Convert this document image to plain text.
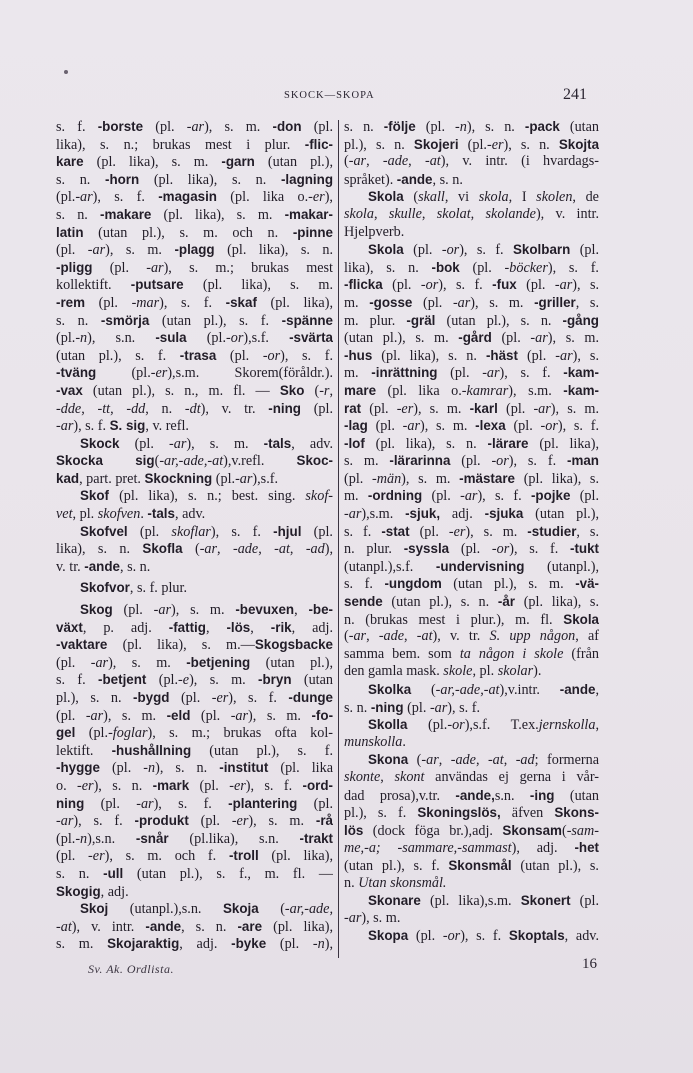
SKOCK—SKOPA	241
s. f. -borste (pl. -ar), s. m. -don (pl.
lika), s. n.; brukas mest i plur. -flic-
kare (pl. lika), s. m. -garn (utan pl.),
s. n. -horn (pl. lika), s. n. -lagning
(pl.-ar), s. f. -magasin (pl. lika o.-er),
s. n. -makare (pl. lika), s. m. -makar-
latin (utan pl.), s. m. och n. -pinne
(pl. -ar), s. m. -plagg (pl. lika), s. n.
-pligg (pl. -ar), s. m.; brukas mest
kollektift. -putsare (pl. lika), s. m.
-rem (pl. -mar), s. f. -skaf (pl. lika),
s. n. -smörja (utan pl.), s. f. -spänne
(pl.-n), s.n. -sula (pl.-or),s.f. -svärta
(utan pl.), s. f. -trasa (pl. -or), s. f.
-tväng (pl.-er),s.m. Skorem(föråldr.).
-vax (utan pl.), s. n., m. fl. — Sko (-r,
-dde, -tt, -dd, n. -dt), v. tr. -ning (pl.
-ar), s. f. S. sig, v. refl.
Skock (pl. -ar), s. m. -tals, adv.
Skocka sig(-ar,-ade,-at),v.refl. Skoc-
kad, part. pret. Skockning (pl.-ar),s.f.
Skof (pl. lika), s. n.; best. sing. skof-
vet, pl. skofven. -tals, adv.
Skofvel (pl. skoflar), s. f. -hjul (pl.
lika), s. n. Skofla (-ar, -ade, -at, -ad),
v. tr. -ande, s. n.
Skofvor, s. f. plur.
Skog (pl. -ar), s. m. -bevuxen, -be-
växt, p. adj. -fattig, -lös, -rik, adj.
-vaktare (pl. lika), s. m.—Skogsbacke
(pl. -ar), s. m. -betjening (utan pl.),
s. f. -betjent (pl.-e), s. m. -bryn (utan
pl.), s. n. -bygd (pl. -er), s. f. -dunge
(pl. -ar), s. m. -eld (pl. -ar), s. m. -fo-
gel (pl.-foglar), s. m.; brukas ofta kol-
lektift. -hushållning (utan pl.), s. f.
-hygge (pl. -n), s. n. -institut (pl. lika
o. -er), s. n. -mark (pl. -er), s. f. -ord-
ning (pl. -ar), s. f. -plantering (pl.
-ar), s. f. -produkt (pl. -er), s. m. -rå
(pl.-n),s.n. -snår (pl.lika), s.n. -trakt
(pl. -er), s. m. och f. -troll (pl. lika),
s. n. -ull (utan pl.), s. f., m. fl. —
Skogig, adj.
Skoj (utanpl.),s.n. Skoja (-ar,-ade,
-at), v. intr. -ande, s. n. -are (pl. lika),
s. m. Skojaraktig, adj. -byke (pl. -n),
s. n. -följe (pl. -n), s. n. -pack (utan
pl.), s. n. Skojeri (pl.-er), s. n. Skojta
(-ar, -ade, -at), v. intr. (i hvardags-
språket). -ande, s. n.
Skola (skall, vi skola, I skolen, de
skola, skulle, skolat, skolande), v. intr.
Hjelpverb.
Skola (pl. -or), s. f. Skolbarn (pl.
lika), s. n. -bok (pl. -böcker), s. f.
-flicka (pl. -or), s. f. -fux (pl. -ar), s.
m. -gosse (pl. -ar), s. m. -griller, s.
m. plur. -gräl (utan pl.), s. n. -gång
(utan pl.), s. m. -gård (pl. -ar), s. m.
-hus (pl. lika), s. n. -häst (pl. -ar), s.
m. -inrättning (pl. -ar), s. f. -kam-
mare (pl. lika o.-kamrar), s.m. -kam-
rat (pl. -er), s. m. -karl (pl. -ar), s. m.
-lag (pl. -ar), s. m. -lexa (pl. -or), s. f.
-lof (pl. lika), s. n. -lärare (pl. lika),
s. m. -lärarinna (pl. -or), s. f. -man
(pl. -män), s. m. -mästare (pl. lika), s.
m. -ordning (pl. -ar), s. f. -pojke (pl.
-ar),s.m. -sjuk, adj. -sjuka (utan pl.),
s. f. -stat (pl. -er), s. m. -studier, s.
n. plur. -syssla (pl. -or), s. f. -tukt
(utanpl.),s.f. -undervisning (utanpl.),
s. f. -ungdom (utan pl.), s. m. -vä-
sende (utan pl.), s. n. -år (pl. lika), s.
n. (brukas mest i plur.), m. fl. Skola
(-ar, -ade, -at), v. tr. S. upp någon, af
samma bem. som ta någon i skole (från
den gamla mask. skole, pl. skolar).
Skolka (-ar,-ade,-at),v.intr. -ande,
s. n. -ning (pl. -ar), s. f.
Skolla (pl.-or),s.f. T.ex.jernskolla,
munskolla.
Skona (-ar, -ade, -at, -ad; formerna
skonte, skont användas ej gerna i vår-
dad prosa),v.tr. -ande,s.n. -ing (utan
pl.), s. f. Skoningslös, äfven Skons-
lös (dock föga br.),adj. Skonsam(-sam-
me,-a; -sammare,-sammast), adj. -het
(utan pl.), s. f. Skonsmål (utan pl.), s.
n. Utan skonsmål.
Skonare (pl. lika),s.m. Skonert (pl.
-ar), s. m.
Skopa (pl. -or), s. f. Skoptals, adv.
Sv. Ak. Ordlista.	16
